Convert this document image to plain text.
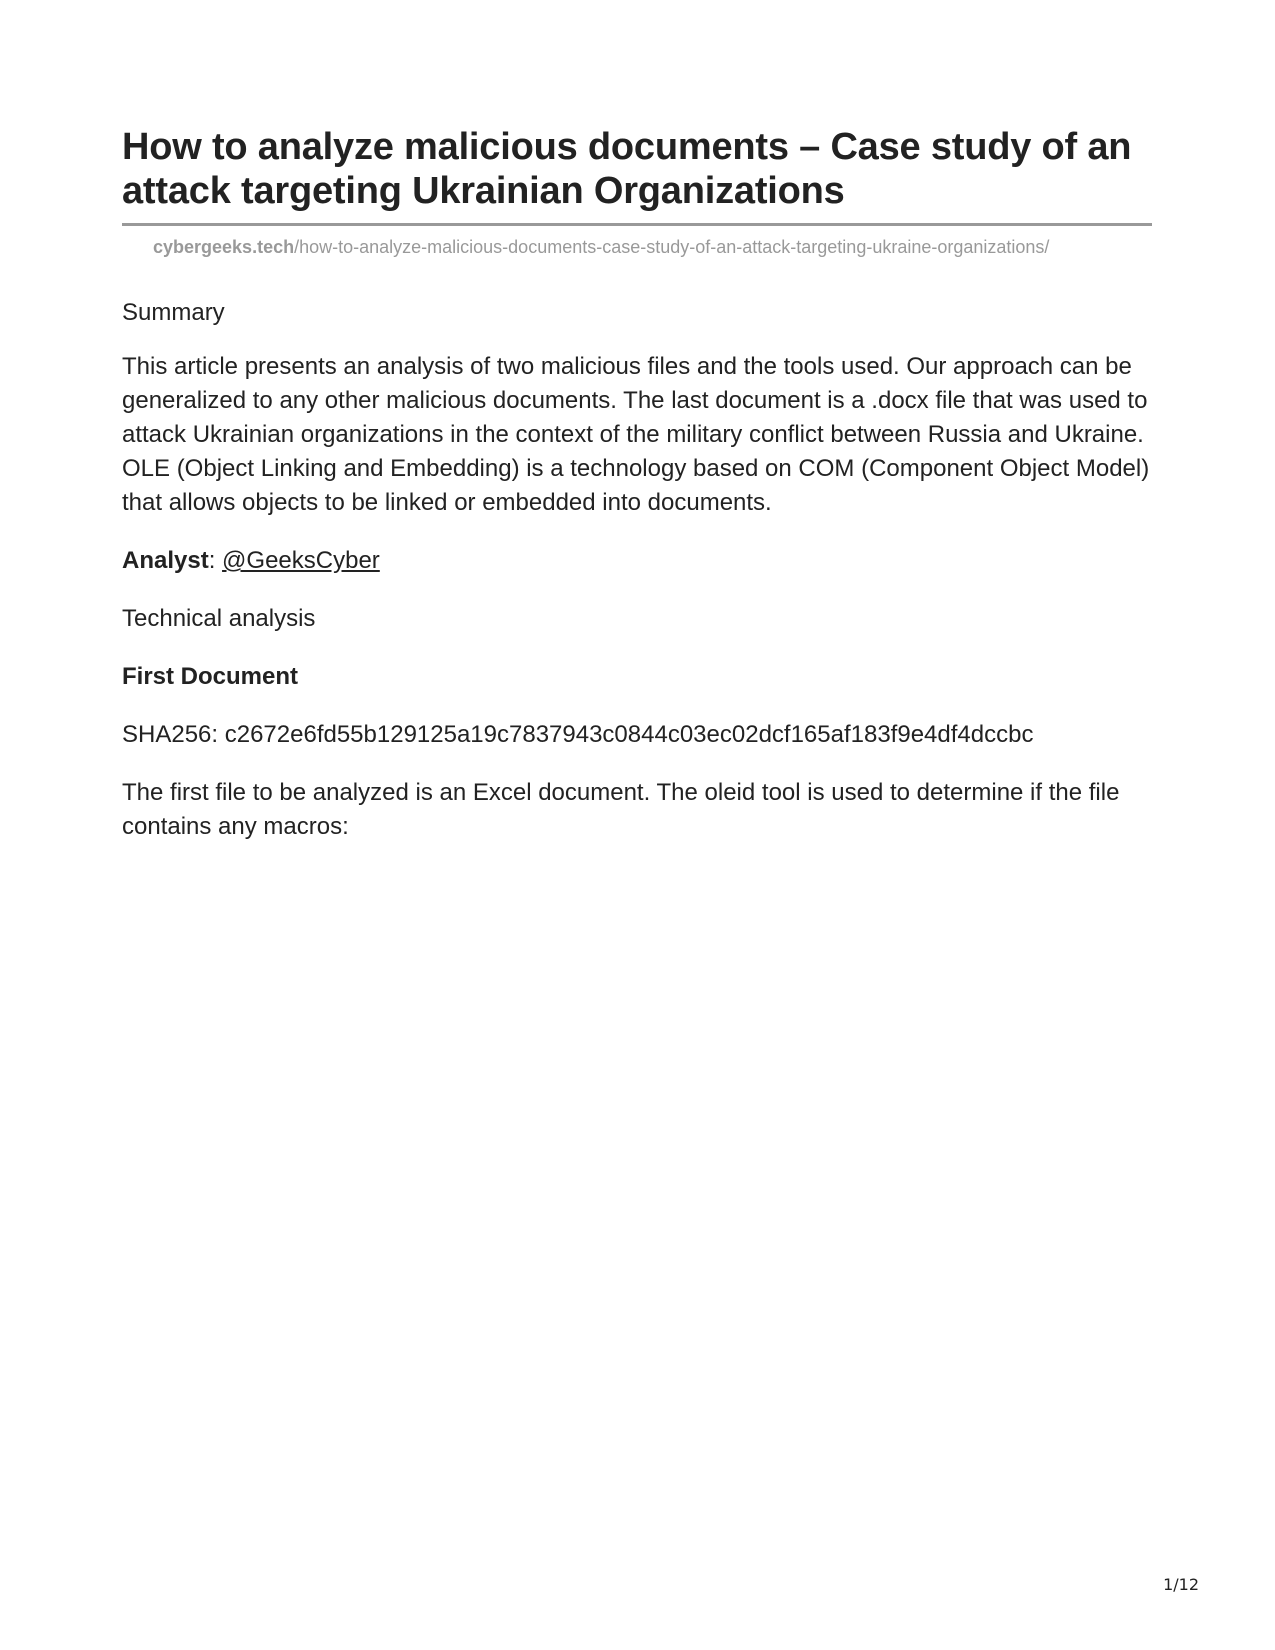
How to analyze malicious documents – Case study of an attack targeting Ukrainian Organizations
cybergeeks.tech/how-to-analyze-malicious-documents-case-study-of-an-attack-targeting-ukraine-organizations/

Summary

This article presents an analysis of two malicious files and the tools used. Our approach can be generalized to any other malicious documents. The last document is a .docx file that was used to attack Ukrainian organizations in the context of the military conflict between Russia and Ukraine. OLE (Object Linking and Embedding) is a technology based on COM (Component Object Model) that allows objects to be linked or embedded into documents.

Analyst: @GeeksCyber

Technical analysis

First Document

SHA256: c2672e6fd55b129125a19c7837943c0844c03ec02dcf165af183f9e4df4dccbc

The first file to be analyzed is an Excel document. The oleid tool is used to determine if the file contains any macros:

1/12
